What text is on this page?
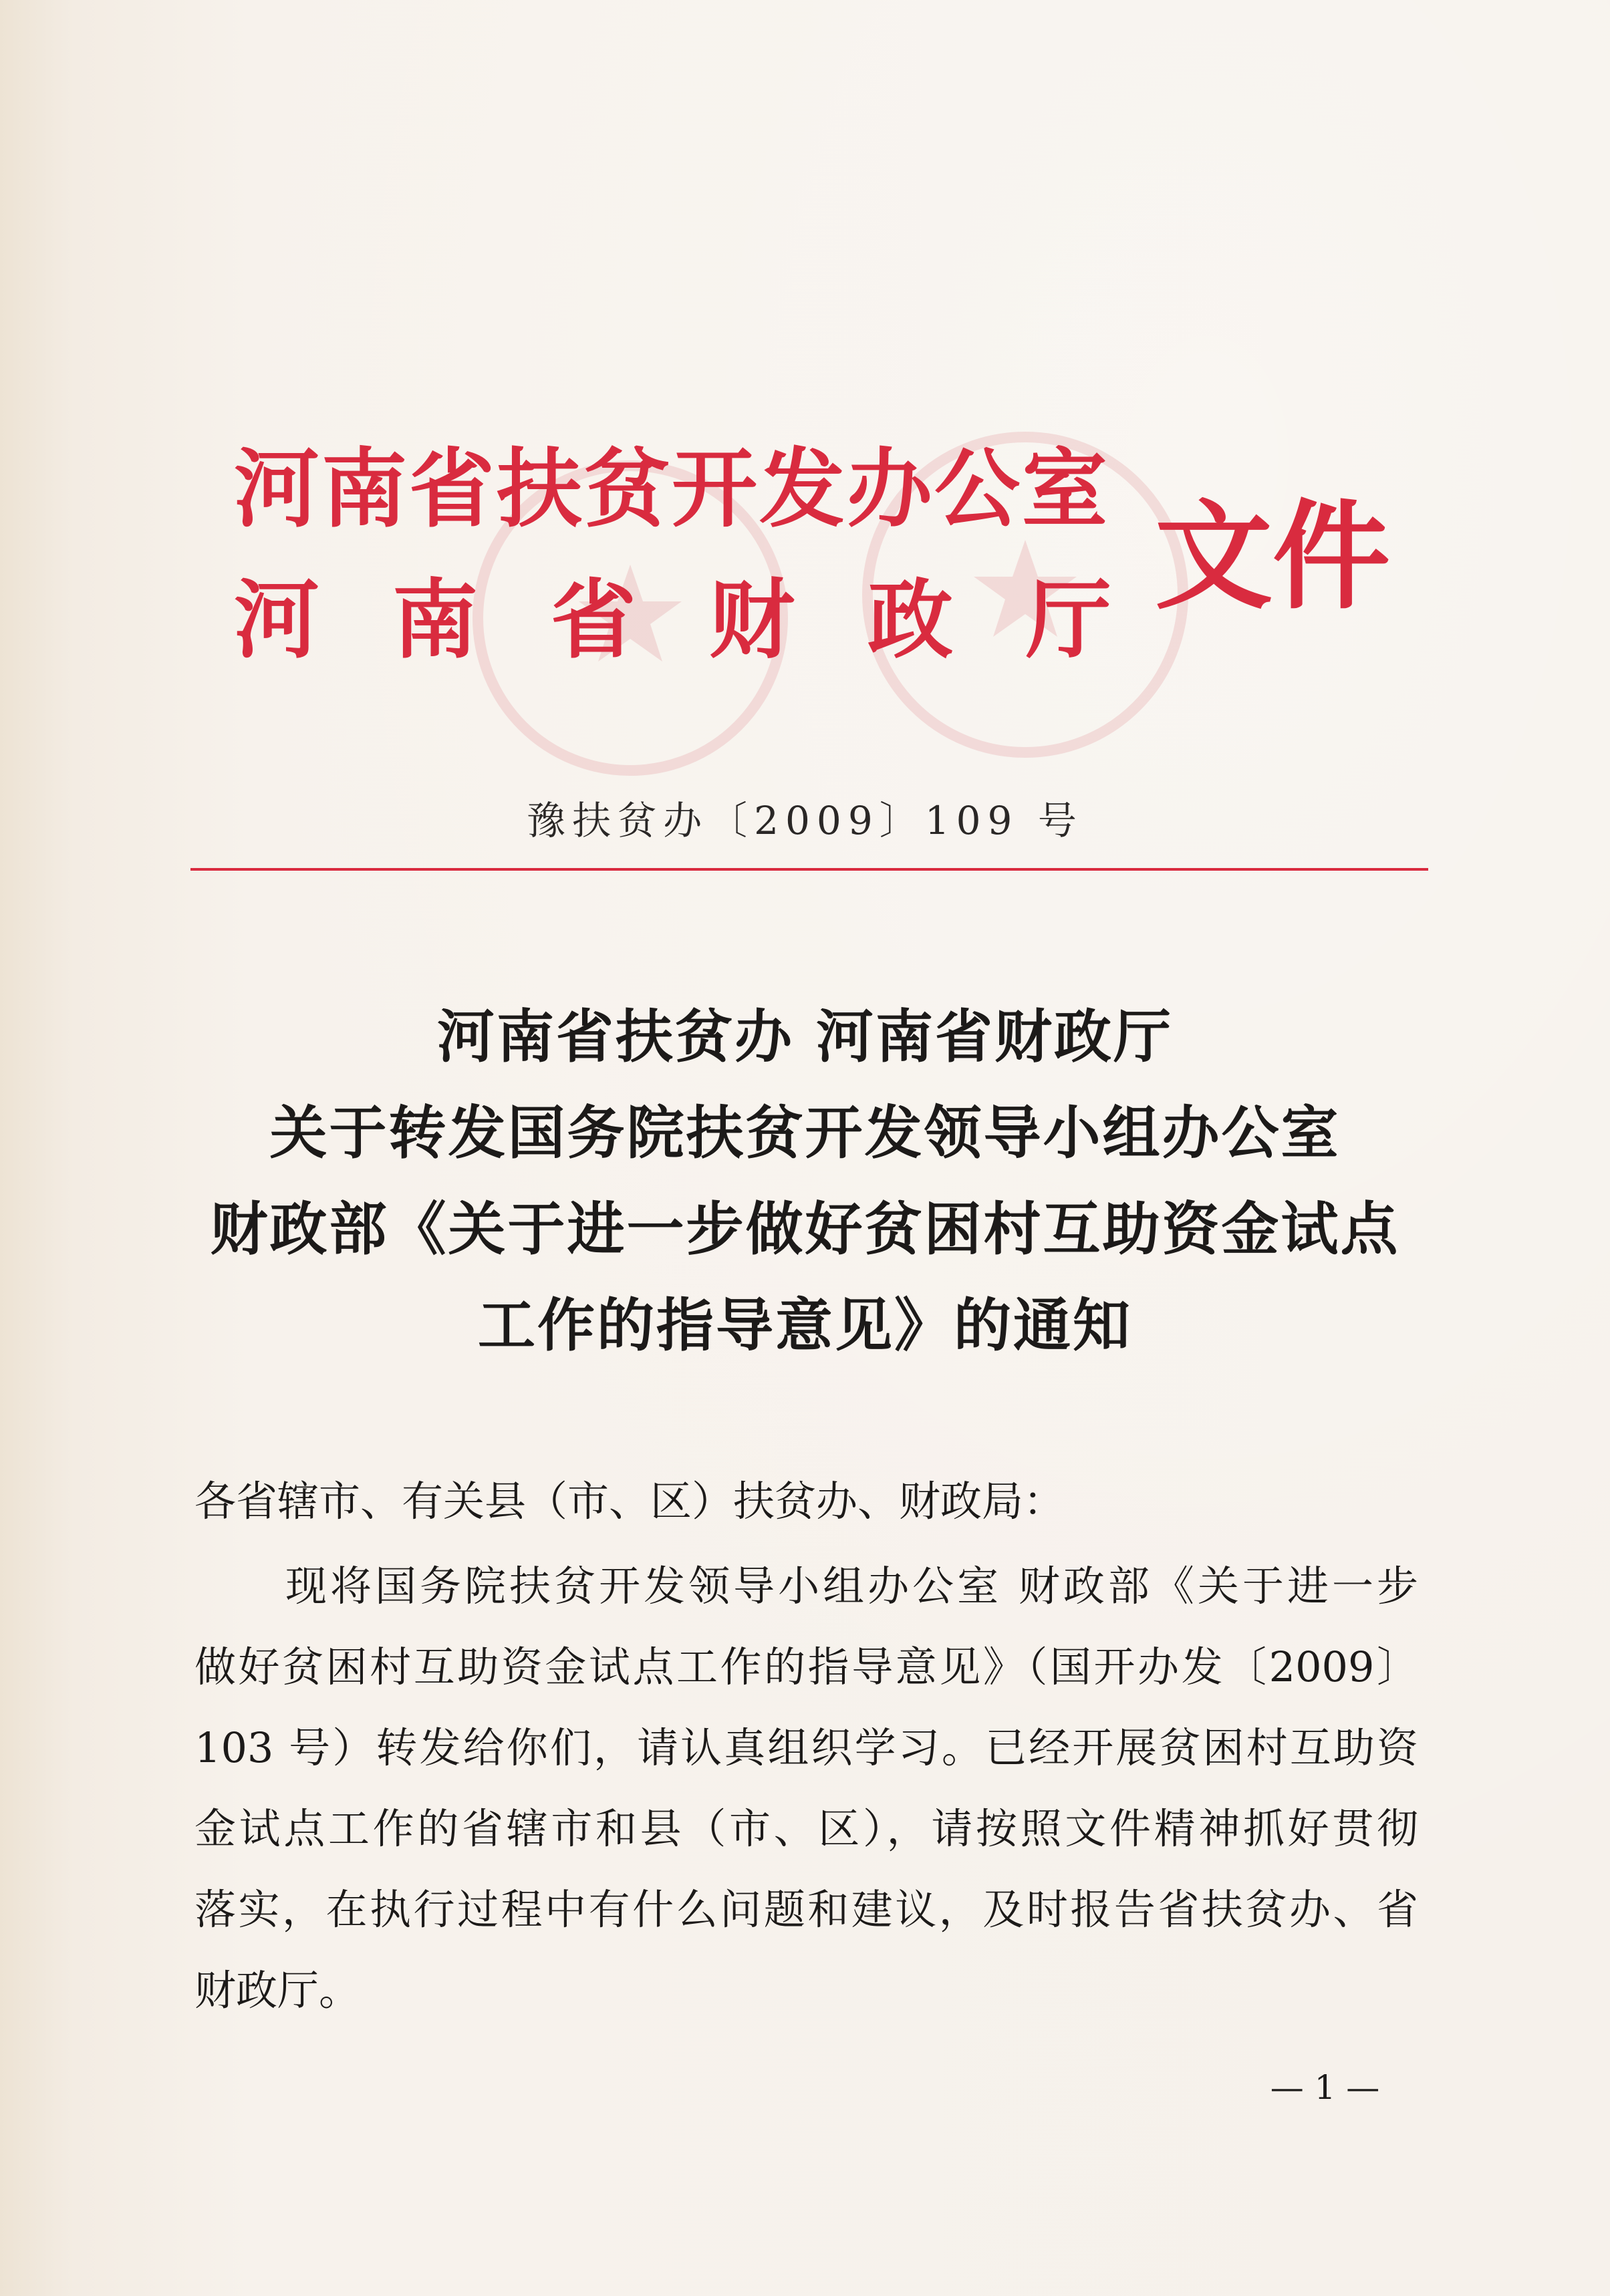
河南省扶贫开发办公室
河南省财政厅
文件
豫扶贫办〔2009〕109 号
河南省扶贫办 河南省财政厅
关于转发国务院扶贫开发领导小组办公室
财政部《关于进一步做好贫困村互助资金试点
工作的指导意见》的通知
各省辖市、有关县（市、区）扶贫办、财政局：
现将国务院扶贫开发领导小组办公室 财政部《关于进一步
做好贫困村互助资金试点工作的指导意见》（国开办发〔2009〕
103 号）转发给你们，请认真组织学习。已经开展贫困村互助资
金试点工作的省辖市和县（市、区），请按照文件精神抓好贯彻
落实，在执行过程中有什么问题和建议，及时报告省扶贫办、省
财政厅。
— 1 —
